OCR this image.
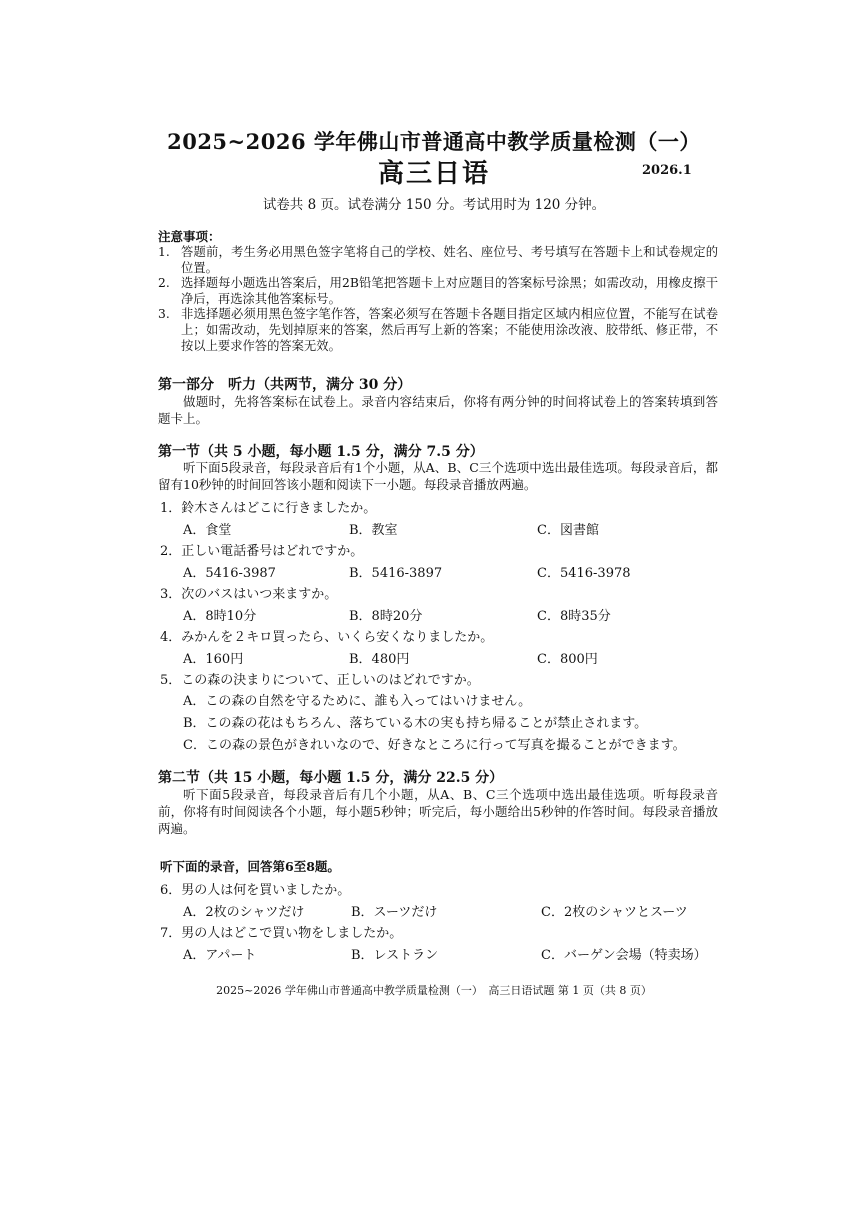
2025~2026 学年佛山市普通高中教学质量检测（一）
高三日语	2026.1
试卷共 8 页。试卷满分 150 分。考试用时为 120 分钟。
注意事项：
1. 答题前，考生务必用黑色签字笔将自己的学校、姓名、座位号、考号填写在答题卡上和试卷规定的位置。
2. 选择题每小题选出答案后，用2B铅笔把答题卡上对应题目的答案标号涂黑；如需改动，用橡皮擦干净后，再选涂其他答案标号。
3. 非选择题必须用黑色签字笔作答，答案必须写在答题卡各题目指定区域内相应位置，不能写在试卷上；如需改动，先划掉原来的答案，然后再写上新的答案；不能使用涂改液、胶带纸、修正带，不按以上要求作答的答案无效。
第一部分　听力（共两节，满分 30 分）
做题时，先将答案标在试卷上。录音内容结束后，你将有两分钟的时间将试卷上的答案转填到答题卡上。
第一节（共 5 小题，每小题 1.5 分，满分 7.5 分）
听下面5段录音，每段录音后有1个小题，从A、B、C三个选项中选出最佳选项。每段录音后，都留有10秒钟的时间回答该小题和阅读下一小题。每段录音播放两遍。
1．鈴木さんはどこに行きましたか。
A．食堂	B．教室	C．図書館
2．正しい電話番号はどれですか。
A．5416-3987	B．5416-3897	C．5416-3978
3．次のバスはいつ来ますか。
A．8時10分	B．8時20分	C．8時35分
4．みかんを２キロ買ったら、いくら安くなりましたか。
A．160円	B．480円	C．800円
5．この森の決まりについて、正しいのはどれですか。
A．この森の自然を守るために、誰も入ってはいけません。
B．この森の花はもちろん、落ちている木の実も持ち帰ることが禁止されます。
C．この森の景色がきれいなので、好きなところに行って写真を撮ることができます。
第二节（共 15 小题，每小题 1.5 分，满分 22.5 分）
听下面5段录音，每段录音后有几个小题，从A、B、C三个选项中选出最佳选项。听每段录音前，你将有时间阅读各个小题，每小题5秒钟；听完后，每小题给出5秒钟的作答时间。每段录音播放两遍。
听下面的录音，回答第6至8题。
6．男の人は何を買いましたか。
A．2枚のシャツだけ	B．スーツだけ	C．2枚のシャツとスーツ
7．男の人はどこで買い物をしましたか。
A．アパート	B．レストラン	C．バーゲン会場（特卖场）
2025~2026 学年佛山市普通高中教学质量检测（一）　高三日语试题 第 1 页（共 8 页）
